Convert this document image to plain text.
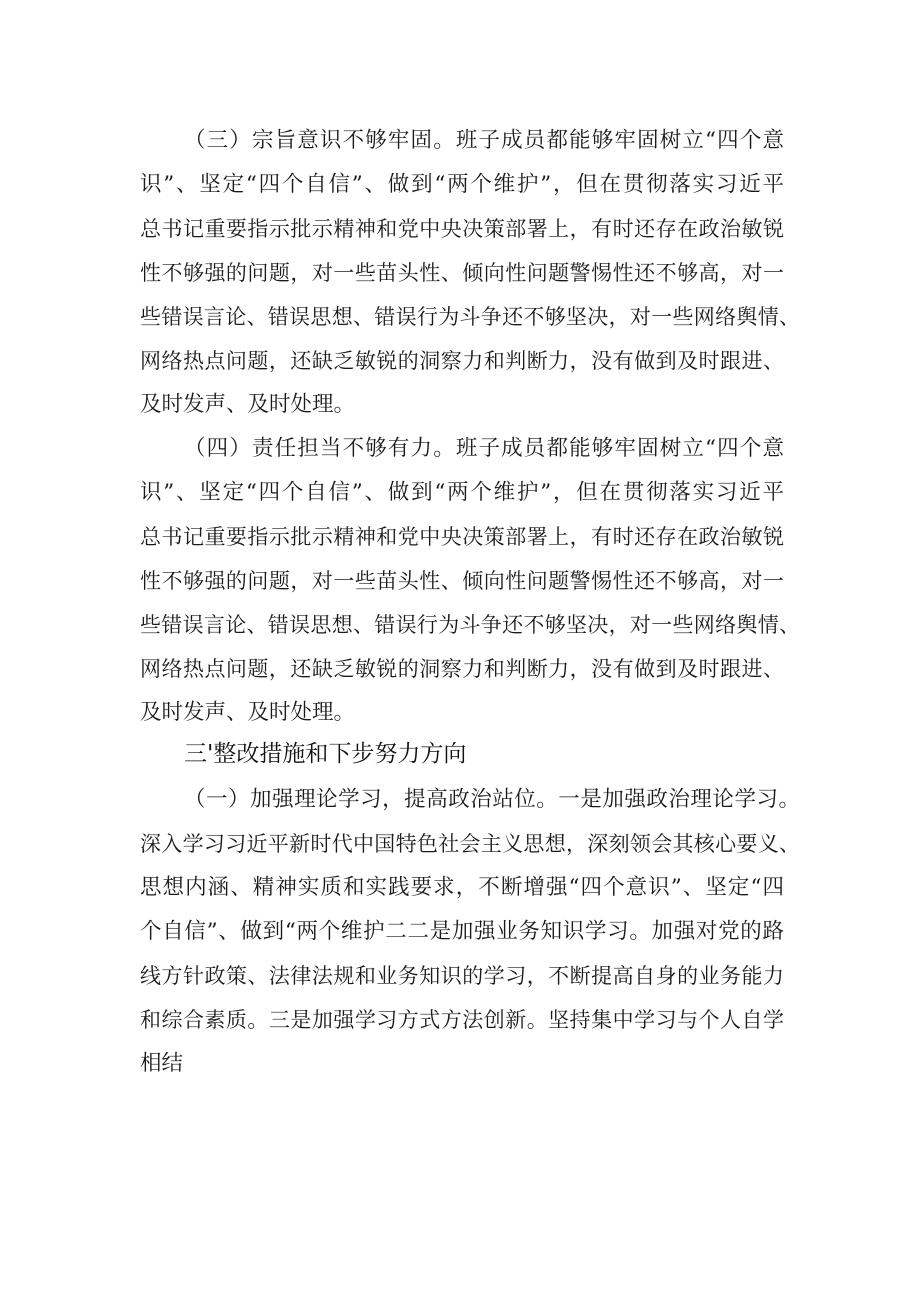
（三）宗旨意识不够牢固。班子成员都能够牢固树立“四个意
识”、坚定“四个自信”、做到“两个维护”，但在贯彻落实习近平
总书记重要指示批示精神和党中央决策部署上，有时还存在政治敏锐
性不够强的问题，对一些苗头性、倾向性问题警惕性还不够高，对一
些错误言论、错误思想、错误行为斗争还不够坚决，对一些网络舆情、
网络热点问题，还缺乏敏锐的洞察力和判断力，没有做到及时跟进、
及时发声、及时处理。
（四）责任担当不够有力。班子成员都能够牢固树立“四个意
识”、坚定“四个自信”、做到“两个维护”，但在贯彻落实习近平
总书记重要指示批示精神和党中央决策部署上，有时还存在政治敏锐
性不够强的问题，对一些苗头性、倾向性问题警惕性还不够高，对一
些错误言论、错误思想、错误行为斗争还不够坚决，对一些网络舆情、
网络热点问题，还缺乏敏锐的洞察力和判断力，没有做到及时跟进、
及时发声、及时处理。
三'整改措施和下步努力方向
（一）加强理论学习，提高政治站位。一是加强政治理论学习。
深入学习习近平新时代中国特色社会主义思想，深刻领会其核心要义、
思想内涵、精神实质和实践要求，不断增强“四个意识”、坚定“四
个自信”、做到“两个维护二二是加强业务知识学习。加强对党的路
线方针政策、法律法规和业务知识的学习，不断提高自身的业务能力
和综合素质。三是加强学习方式方法创新。坚持集中学习与个人自学
相结
